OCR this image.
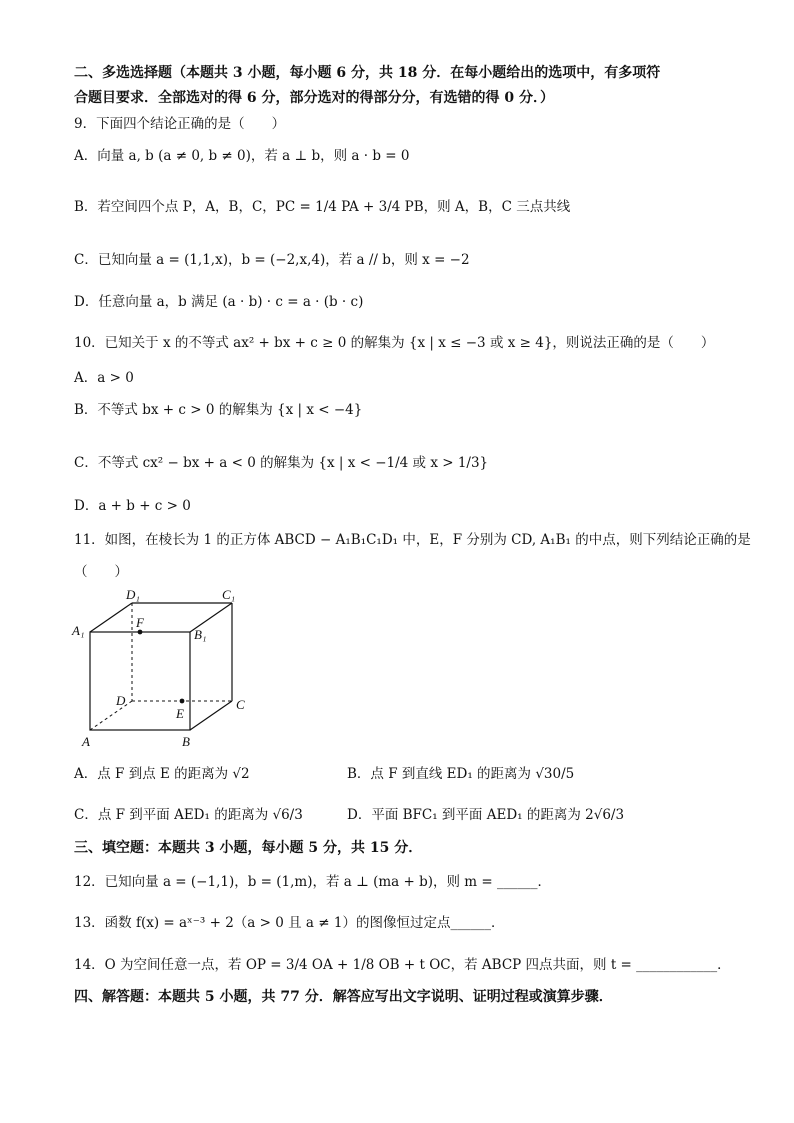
二、多选选择题（本题共 3 小题，每小题 6 分，共 18 分．在每小题给出的选项中，有多项符
合题目要求．全部选对的得 6 分，部分选对的得部分分，有选错的得 0 分．）
9．下面四个结论正确的是（　　）
A．向量 a, b (a ≠ 0, b ≠ 0)，若 a ⊥ b，则 a · b = 0
B．若空间四个点 P，A，B，C，PC = 1/4 PA + 3/4 PB，则 A，B，C 三点共线
C．已知向量 a = (1,1,x)，b = (−2,x,4)，若 a // b，则 x = −2
D．任意向量 a，b 满足 (a · b) · c = a · (b · c)
10．已知关于 x 的不等式 ax² + bx + c ≥ 0 的解集为 {x | x ≤ −3 或 x ≥ 4}，则说法正确的是（　　）
A．a > 0
B．不等式 bx + c > 0 的解集为 {x | x < −4}
C．不等式 cx² − bx + a < 0 的解集为 {x | x < −1/4 或 x > 1/3}
D．a + b + c > 0
11．如图，在棱长为 1 的正方体 ABCD − A₁B₁C₁D₁ 中，E，F 分别为 CD, A₁B₁ 的中点，则下列结论正确的是
（　　）
D₁	C₁
A₁	B₁
F
D
E
C
A	B
A．点 F 到点 E 的距离为 √2	B．点 F 到直线 ED₁ 的距离为 √30/5
C．点 F 到平面 AED₁ 的距离为 √6/3	D．平面 BFC₁ 到平面 AED₁ 的距离为 2√6/3
三、填空题：本题共 3 小题，每小题 5 分，共 15 分．
12．已知向量 a = (−1,1)，b = (1,m)，若 a ⊥ (ma + b)，则 m = ______．
13．函数 f(x) = aˣ⁻³ + 2（a > 0 且 a ≠ 1）的图像恒过定点______．
14．O 为空间任意一点，若 OP = 3/4 OA + 1/8 OB + t OC，若 ABCP 四点共面，则 t = ____________．
四、解答题：本题共 5 小题，共 77 分．解答应写出文字说明、证明过程或演算步骤．
